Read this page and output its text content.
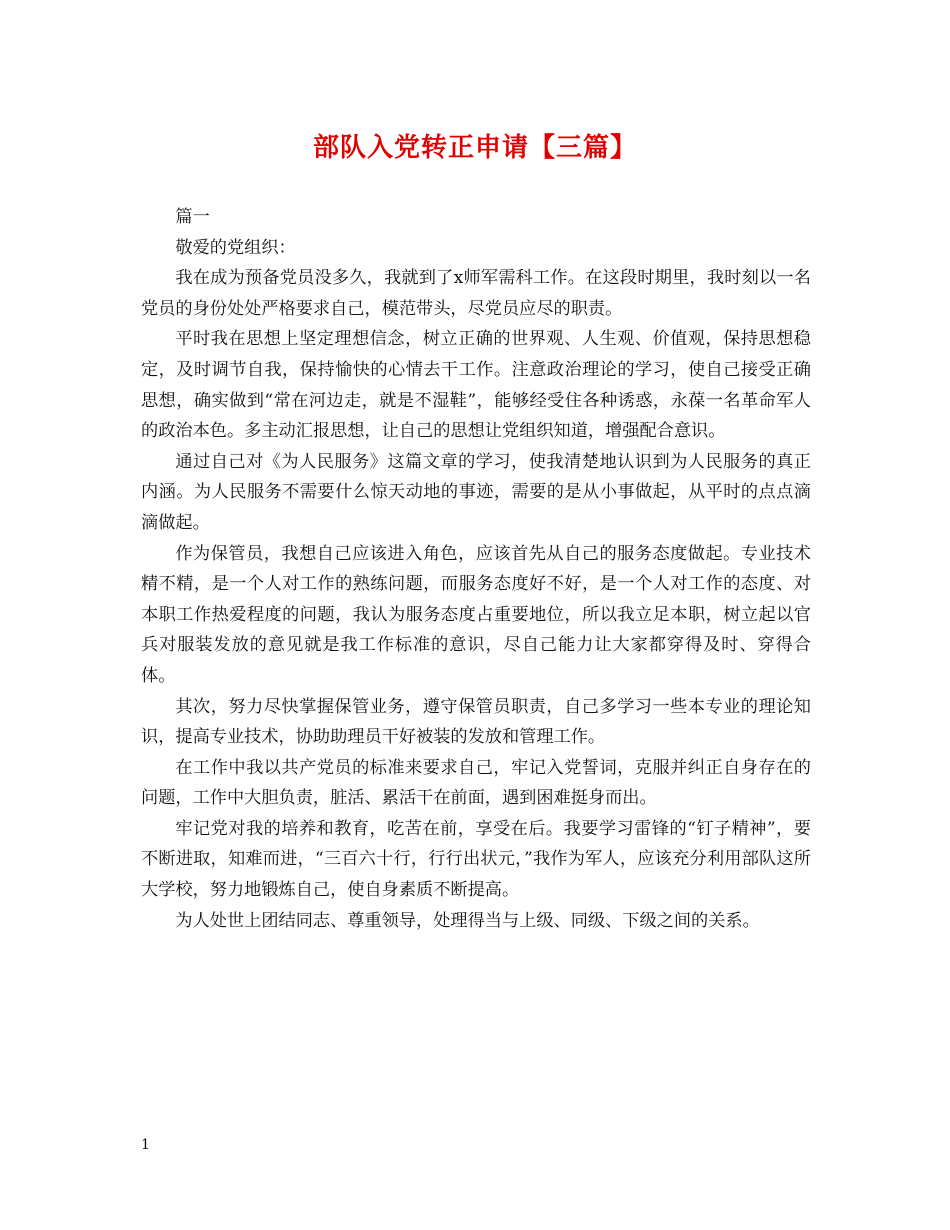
部队入党转正申请【三篇】

篇一

敬爱的党组织：

我在成为预备党员没多久，我就到了x师军需科工作。在这段时期里，我时刻以一名党员的身份处处严格要求自己，模范带头，尽党员应尽的职责。

平时我在思想上坚定理想信念，树立正确的世界观、人生观、价值观，保持思想稳定，及时调节自我，保持愉快的心情去干工作。注意政治理论的学习，使自己接受正确思想，确实做到“常在河边走，就是不湿鞋”，能够经受住各种诱惑，永葆一名革命军人的政治本色。多主动汇报思想，让自己的思想让党组织知道，增强配合意识。

通过自己对《为人民服务》这篇文章的学习，使我清楚地认识到为人民服务的真正内涵。为人民服务不需要什么惊天动地的事迹，需要的是从小事做起，从平时的点点滴滴做起。

作为保管员，我想自己应该进入角色，应该首先从自己的服务态度做起。专业技术精不精，是一个人对工作的熟练问题，而服务态度好不好，是一个人对工作的态度、对本职工作热爱程度的问题，我认为服务态度占重要地位，所以我立足本职，树立起以官兵对服装发放的意见就是我工作标准的意识，尽自己能力让大家都穿得及时、穿得合体。

其次，努力尽快掌握保管业务，遵守保管员职责，自己多学习一些本专业的理论知识，提高专业技术，协助助理员干好被装的发放和管理工作。

在工作中我以共产党员的标准来要求自己，牢记入党誓词，克服并纠正自身存在的问题，工作中大胆负责，脏活、累活干在前面，遇到困难挺身而出。

牢记党对我的培养和教育，吃苦在前，享受在后。我要学习雷锋的“钉子精神”，要不断进取，知难而进，“三百六十行，行行出状元，”我作为军人，应该充分利用部队这所大学校，努力地锻炼自己，使自身素质不断提高。

为人处世上团结同志、尊重领导，处理得当与上级、同级、下级之间的关系。

1
